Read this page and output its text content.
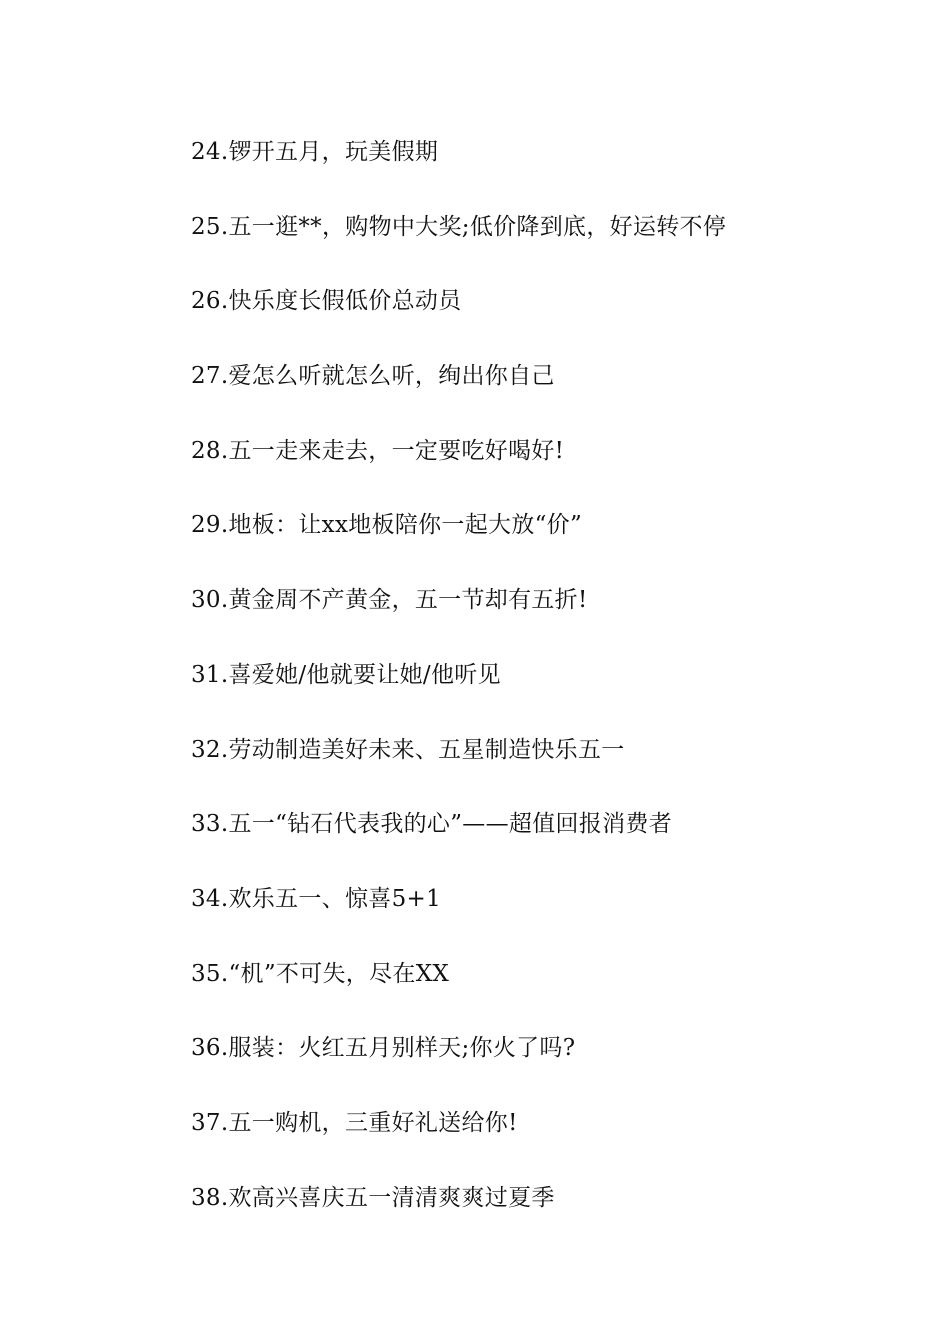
24.锣开五月，玩美假期
25.五一逛**，购物中大奖;低价降到底，好运转不停
26.快乐度长假低价总动员
27.爱怎么听就怎么听，绚出你自己
28.五一走来走去，一定要吃好喝好!
29.地板：让xx地板陪你一起大放“价”
30.黄金周不产黄金，五一节却有五折!
31.喜爱她/他就要让她/他听见
32.劳动制造美好未来、五星制造快乐五一
33.五一“钻石代表我的心”——超值回报消费者
34.欢乐五一、惊喜5+1
35.“机”不可失，尽在XX
36.服装：火红五月别样天;你火了吗?
37.五一购机，三重好礼送给你!
38.欢高兴喜庆五一清清爽爽过夏季
